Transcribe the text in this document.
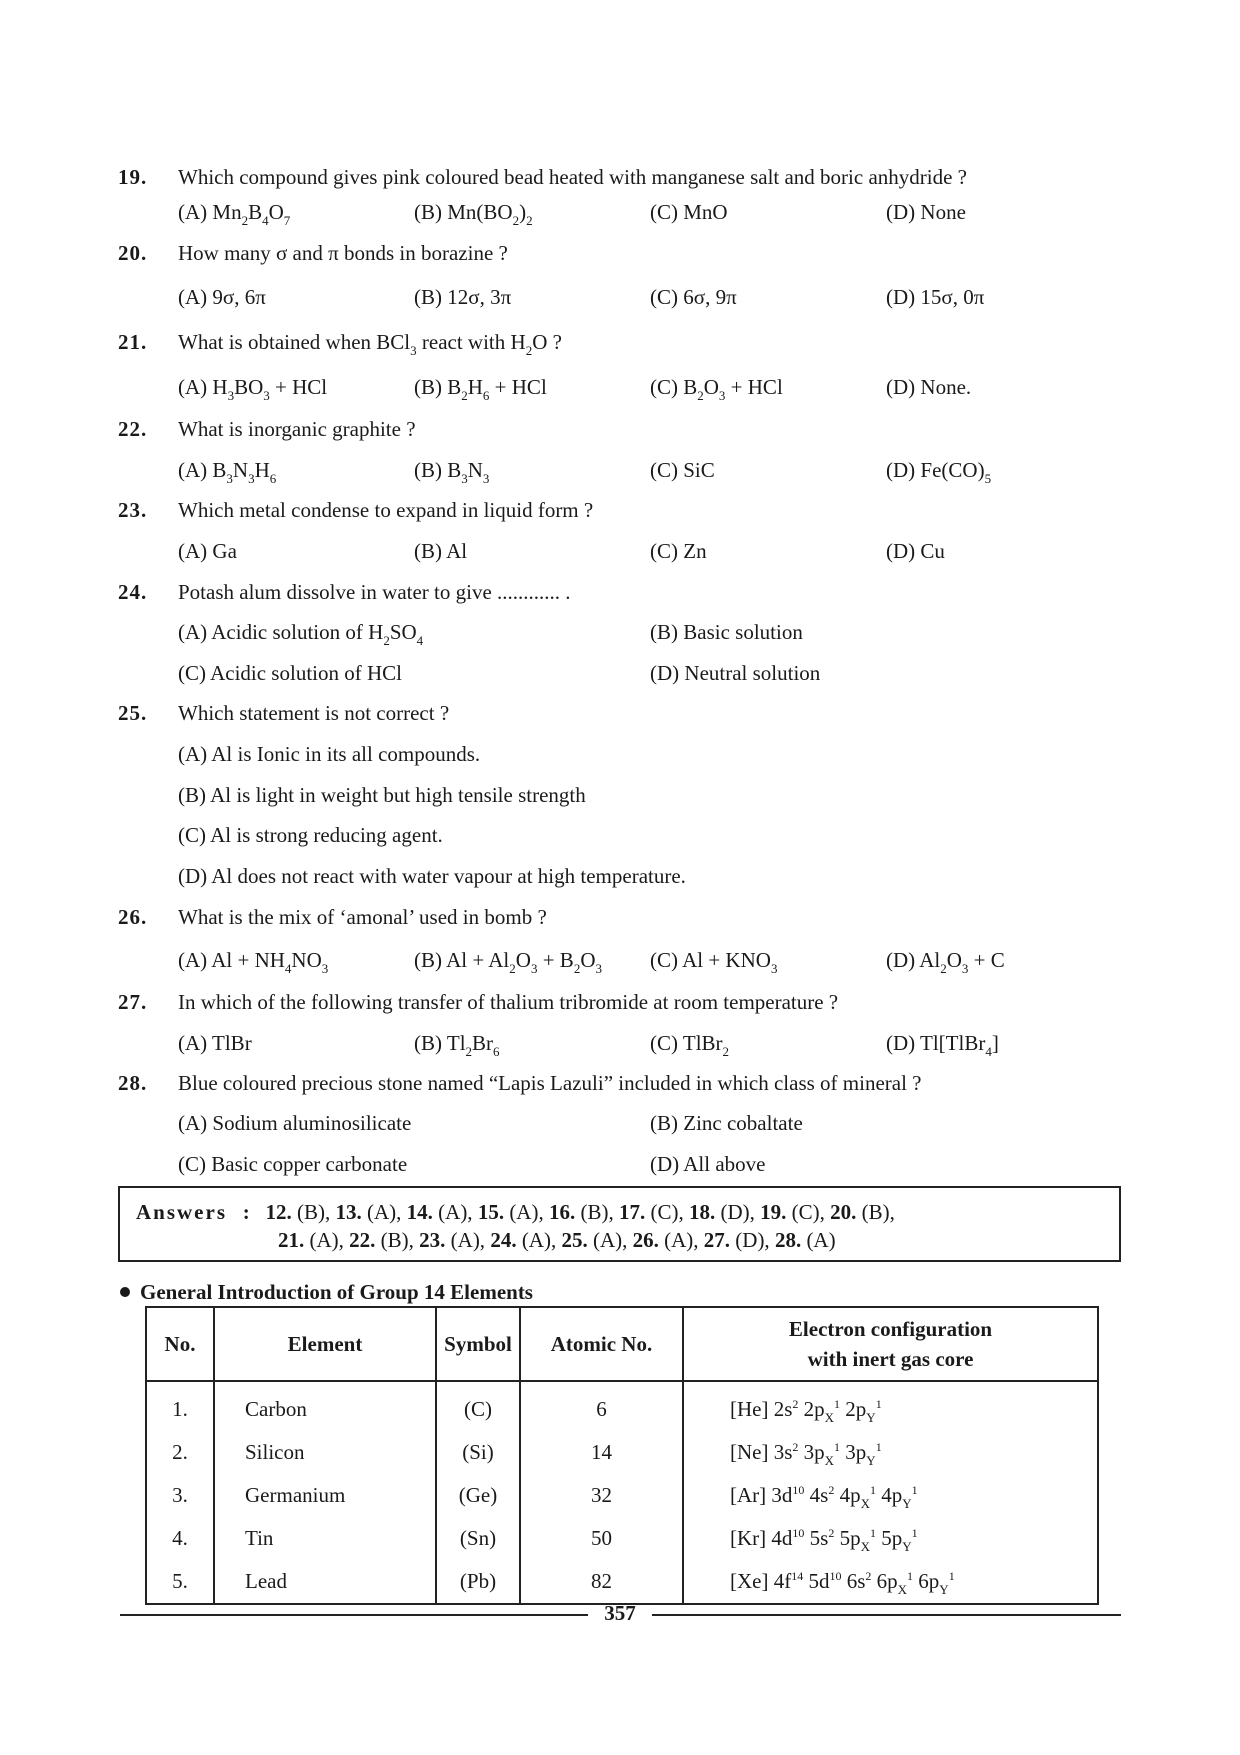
19. Which compound gives pink coloured bead heated with manganese salt and boric anhydride ?
(A) $Mn_2B_4O_7$	(B) $Mn(BO_2)_2$	(C) MnO	(D) None
20. How many σ and π bonds in borazine ?
(A) 9σ, 6π	(B) 12σ, 3π	(C) 6σ, 9π	(D) 15σ, 0π
21. What is obtained when BCl$_3$ react with $H_2O$ ?
(A) $H_3BO_3$ + HCl	(B) $B_2H_6$ + HCl	(C) $B_2O_3$ + HCl	(D) None.
22. What is inorganic graphite ?
(A) $B_3N_3H_6$	(B) $B_3N_3$	(C) SiC	(D) $Fe(CO)_5$
23. Which metal condense to expand in liquid form ?
(A) Ga	(B) Al	(C) Zn	(D) Cu
24. Potash alum dissolve in water to give ............ .
(A) Acidic solution of $H_2SO_4$	(B) Basic solution
(C) Acidic solution of HCl	(D) Neutral solution
25. Which statement is not correct ?
(A) Al is Ionic in its all compounds.
(B) Al is light in weight but high tensile strength
(C) Al is strong reducing agent.
(D) Al does not react with water vapour at high temperature.
26. What is the mix of ‘amonal’ used in bomb ?
(A) $Al + NH_4NO_3$	(B) $Al + Al_2O_3 + B_2O_3$ (C) $Al + KNO_3$	(D) $Al_2O_3 + C$
27. In which of the following transfer of thalium tribromide at room temperature ?
(A) TlBr	(B) $Tl_2Br_6$	(C) TlBr$_2$	(D) Tl[TlBr$_4$]
28. Blue coloured precious stone named “Lapis Lazuli” included in which class of mineral ?
(A) Sodium aluminosilicate	(B) Zinc cobaltate
(C) Basic copper carbonate	(D) All above
Answers : 12. (B), 13. (A), 14. (A), 15. (A), 16. (B), 17. (C), 18. (D), 19. (C), 20. (B),
21. (A), 22. (B), 23. (A), 24. (A), 25. (A), 26. (A), 27. (D), 28. (A)
General Introduction of Group 14 Elements
No.	Element	Symbol	Atomic No.	Electron configuration
with inert gas core
1.	Carbon	(C)	6	[He] $2s^2$ $2p_X^1$ $2p_Y^1$
2.	Silicon	(Si)	14	[Ne] $3s^2$ $3p_X^1$ $3p_Y^1$
3.	Germanium	(Ge)	32	[Ar] $3d^{10}$ $4s^2$ $4p_X^1$ $4p_Y^1$
4.	Tin	(Sn)	50	[Kr] $4d^{10}$ $5s^2$ $5p_X^1$ $5p_Y^1$
5.	Lead	(Pb)	82	[Xe] $4f^{14}$ $5d^{10}$ $6s^2$ $6p_X^1$ $6p_Y^1$
357
